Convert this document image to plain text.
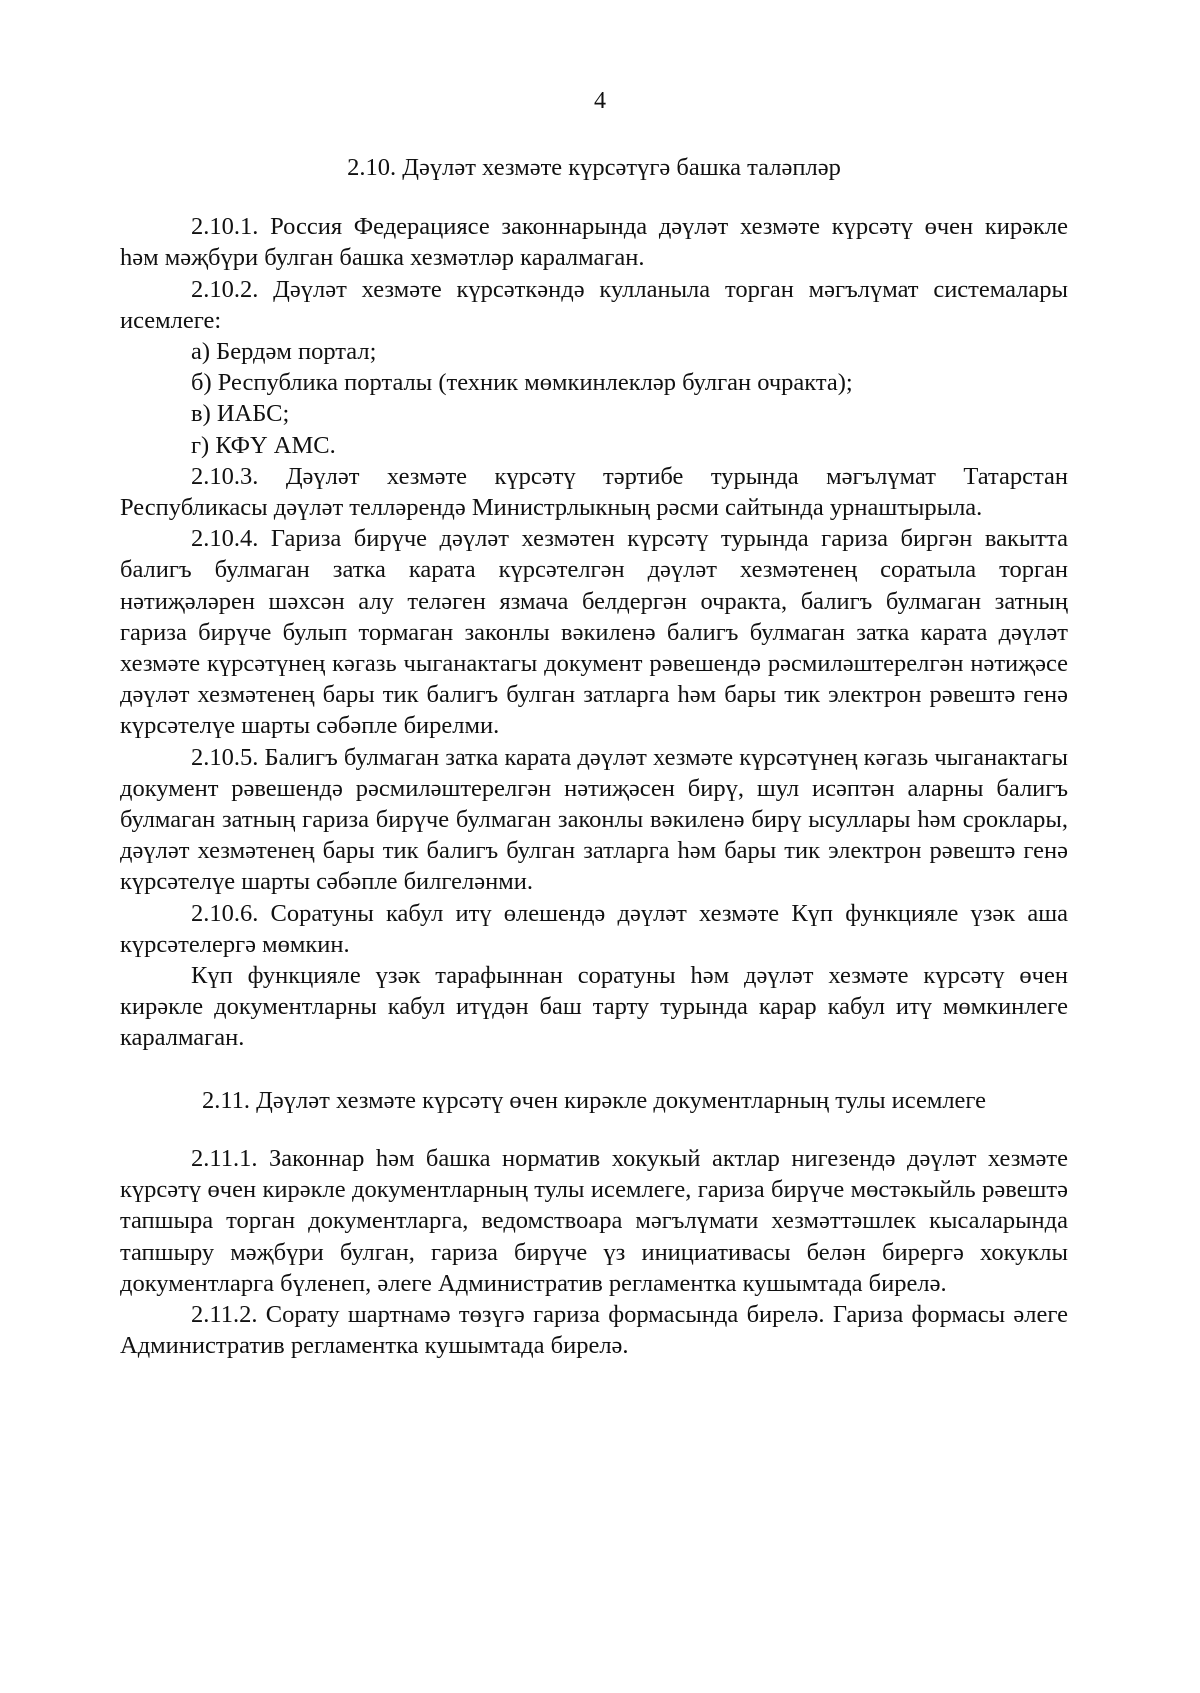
4
2.10. Дәүләт хезмәте күрсәтүгә башка таләпләр

2.10.1. Россия Федерациясе законнарында дәүләт хезмәте күрсәтү өчен кирәкле һәм мәҗбүри булган башка хезмәтләр каралмаган.

2.10.2. Дәүләт хезмәте күрсәткәндә кулланыла торган мәгълүмат системалары исемлеге:

а) Бердәм портал;

б) Республика порталы (техник мөмкинлекләр булган очракта);

в) ИАБС;

г) КФҮ АМС.

2.10.3. Дәүләт хезмәте күрсәтү тәртибе турында мәгълүмат Татарстан Республикасы дәүләт телләрендә Министрлыкның рәсми сайтында урнаштырыла.

2.10.4. Гариза бирүче дәүләт хезмәтен күрсәтү турында гариза биргән вакытта балигъ булмаган затка карата күрсәтелгән дәүләт хезмәтенең соратыла торган нәтиҗәләрен шәхсән алу теләген язмача белдергән очракта, балигъ булмаган затның гариза бирүче булып тормаган законлы вәкиленә балигъ булмаган затка карата дәүләт хезмәте күрсәтүнең кәгазь чыганактагы документ рәвешендә рәсмиләштерелгән нәтиҗәсе дәүләт хезмәтенең бары тик балигъ булган затларга һәм бары тик электрон рәвештә генә күрсәтелүе шарты сәбәпле бирелми.

2.10.5. Балигъ булмаган затка карата дәүләт хезмәте күрсәтүнең кәгазь чыганактагы документ рәвешендә рәсмиләштерелгән нәтиҗәсен бирү, шул исәптән аларны балигъ булмаган затның гариза бирүче булмаган законлы вәкиленә бирү ысуллары һәм сроклары, дәүләт хезмәтенең бары тик балигъ булган затларга һәм бары тик электрон рәвештә генә күрсәтелүе шарты сәбәпле билгеләнми.

2.10.6. Соратуны кабул итү өлешендә дәүләт хезмәте Күп функцияле үзәк аша күрсәтелергә мөмкин.

Күп функцияле үзәк тарафыннан соратуны һәм дәүләт хезмәте күрсәтү өчен кирәкле документларны кабул итүдән баш тарту турында карар кабул итү мөмкинлеге каралмаган.

2.11. Дәүләт хезмәте күрсәтү өчен кирәкле документларның тулы исемлеге

2.11.1. Законнар һәм башка норматив хокукый актлар нигезендә дәүләт хезмәте күрсәтү өчен кирәкле документларның тулы исемлеге, гариза бирүче мөстәкыйль рәвештә тапшыра торган документларга, ведомствоара мәгълүмати хезмәттәшлек кысаларында тапшыру мәҗбүри булган, гариза бирүче үз инициативасы белән бирергә хокуклы документларга бүленеп, әлеге Административ регламентка кушымтада бирелә.

2.11.2. Сорату шартнамә төзүгә гариза формасында бирелә. Гариза формасы әлеге Административ регламентка кушымтада бирелә.
